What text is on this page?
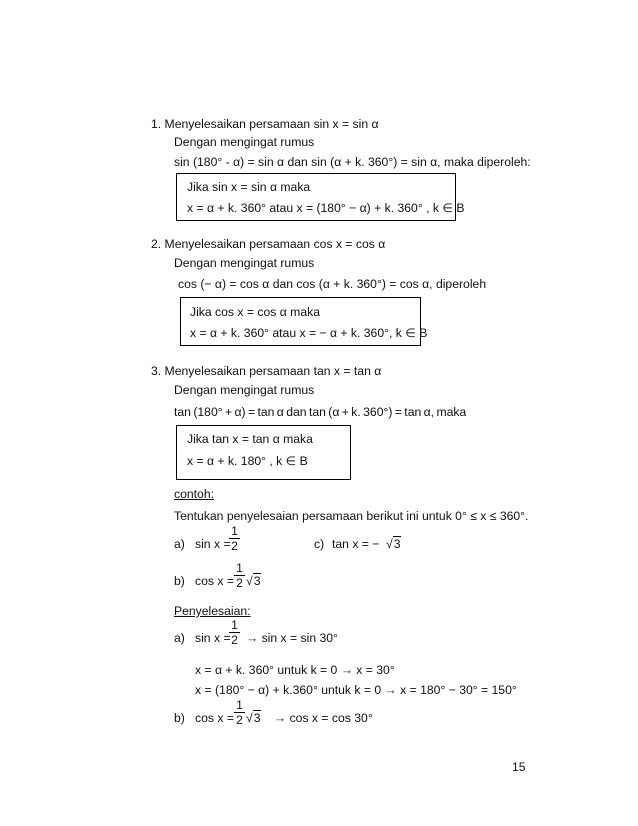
1. Menyelesaikan persamaan sin x = sin α
Dengan mengingat rumus
sin (180° - α) = sin α dan sin (α + k. 360°) = sin α, maka diperoleh:
Jika sin x = sin α maka
x = α + k. 360° atau x = (180° − α) + k. 360° , k ∈ B
2. Menyelesaikan persamaan cos x = cos α
Dengan mengingat rumus
cos (− α) = cos α dan cos (α + k. 360°) = cos α, diperoleh
Jika cos x = cos α maka
x = α + k. 360° atau x = − α + k. 360°, k ∈ B
3. Menyelesaikan persamaan tan x = tan α
Dengan mengingat rumus
tan (180° + α) = tan α dan tan (α + k. 360°) = tan α, maka
Jika tan x = tan α maka
x = α + k. 180° , k ∈ B
contoh:
Tentukan penyelesaian persamaan berikut ini untuk 0° ≤ x ≤ 360°.
a) sin x =
1
2	c) tan x = − √3
b) cos x =
1
2 √3
Penyelesaian:
a) sin x =
1
2 → sin x = sin 30°
x = α + k. 360° untuk k = 0 → x = 30°
x = (180° − α) + k.360° untuk k = 0 → x = 180° − 30° = 150°
b) cos x =
1
2 √3 → cos x = cos 30°
15
